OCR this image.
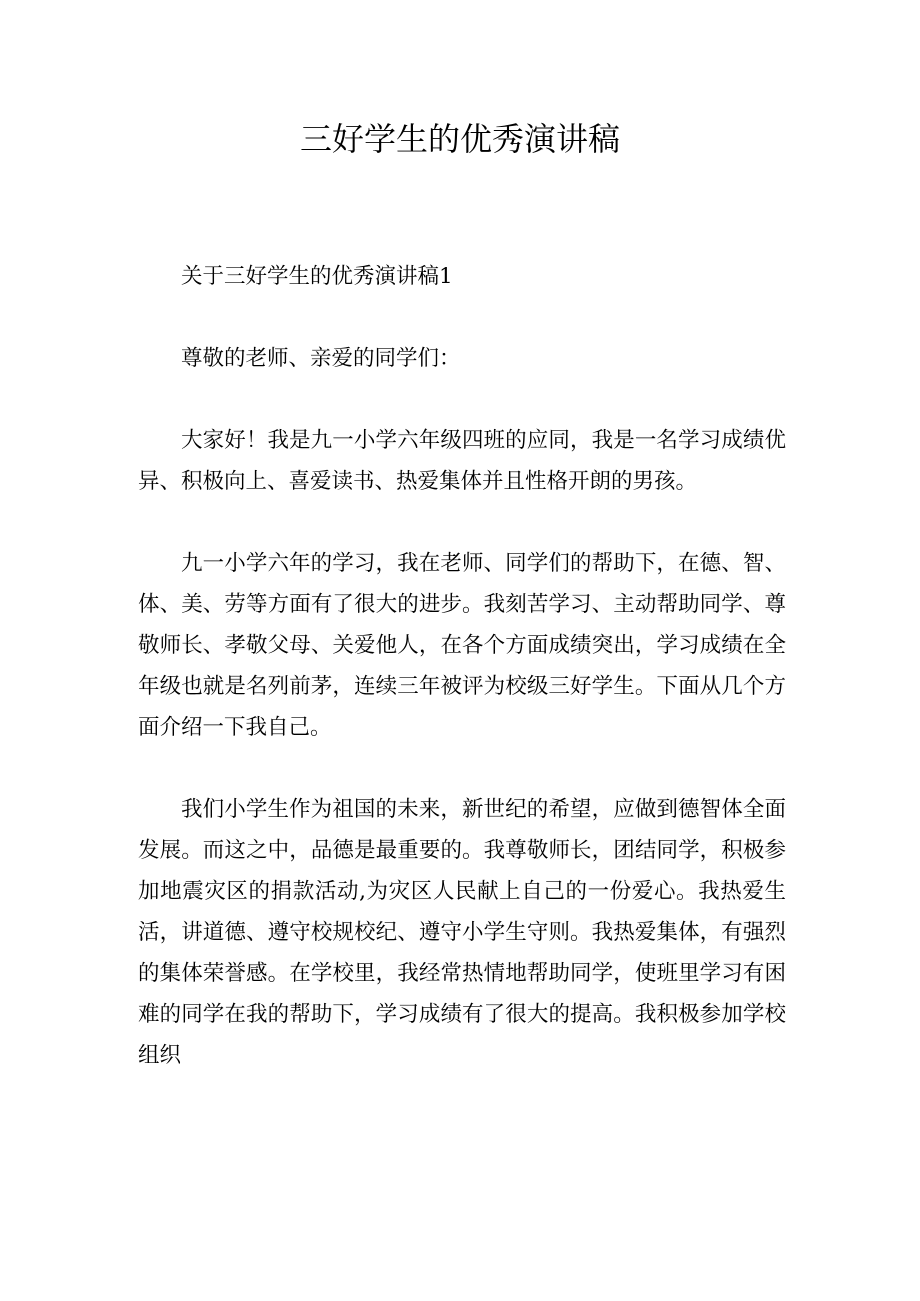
三好学生的优秀演讲稿

关于三好学生的优秀演讲稿1

尊敬的老师、亲爱的同学们：

大家好！我是九一小学六年级四班的应同，我是一名学习成绩优异、积极向上、喜爱读书、热爱集体并且性格开朗的男孩。

九一小学六年的学习，我在老师、同学们的帮助下，在德、智、体、美、劳等方面有了很大的进步。我刻苦学习、主动帮助同学、尊敬师长、孝敬父母、关爱他人，在各个方面成绩突出，学习成绩在全年级也就是名列前茅，连续三年被评为校级三好学生。下面从几个方面介绍一下我自己。

我们小学生作为祖国的未来，新世纪的希望，应做到德智体全面发展。而这之中，品德是最重要的。我尊敬师长，团结同学，积极参加地震灾区的捐款活动,为灾区人民献上自己的一份爱心。我热爱生活，讲道德、遵守校规校纪、遵守小学生守则。我热爱集体，有强烈的集体荣誉感。在学校里，我经常热情地帮助同学，使班里学习有困难的同学在我的帮助下，学习成绩有了很大的提高。我积极参加学校组织
